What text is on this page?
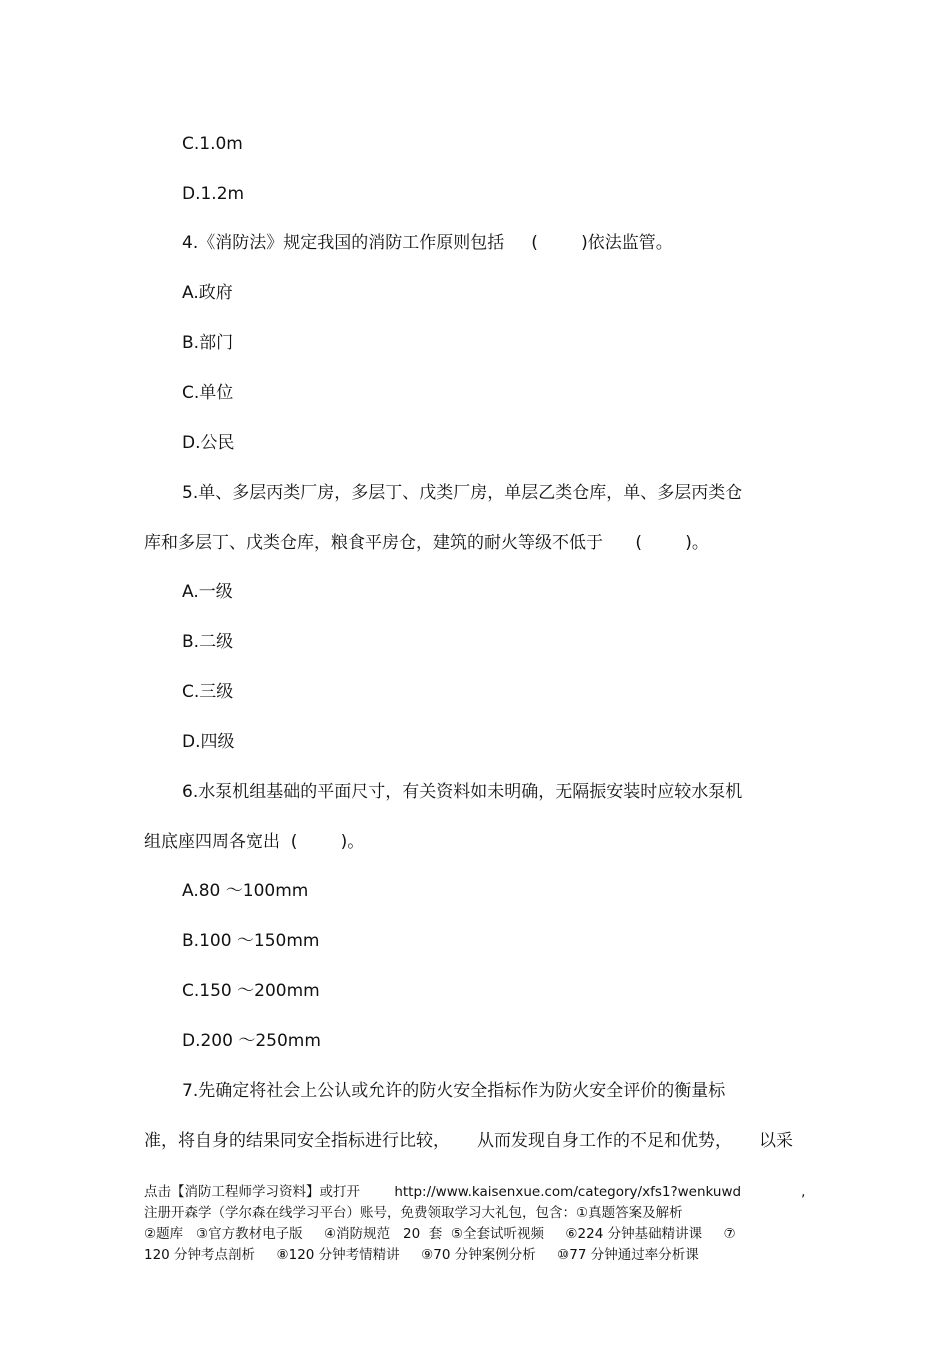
C.1.0m
D.1.2m
4.《消防法》规定我国的消防工作原则包括     (        )依法监管。
A.政府
B.部门
C.单位
D.公民
5.单、多层丙类厂房，多层丁、戊类厂房，单层乙类仓库，单、多层丙类仓
库和多层丁、戊类仓库，粮食平房仓，建筑的耐火等级不低于      (        )。
A.一级
B.二级
C.三级
D.四级
6.水泵机组基础的平面尺寸，有关资料如未明确，无隔振安装时应较水泵机
组底座四周各宽出  (        )。
A.80 ～100mm
B.100 ～150mm
C.150 ～200mm
D.200 ～250mm
7.先确定将社会上公认或允许的防火安全指标作为防火安全评价的衡量标
准，将自身的结果同安全指标进行比较，     从而发现自身工作的不足和优势，     以采
点击【消防工程师学习资料】或打开        http://www.kaisenxue.com/category/xfs1?wenkuwd              ,
注册开森学（学尔森在线学习平台）账号，免费领取学习大礼包，包含：①真题答案及解析
②题库   ③官方教材电子版     ④消防规范   20  套  ⑤全套试听视频     ⑥224 分钟基础精讲课     ⑦
120 分钟考点剖析     ⑧120 分钟考情精讲     ⑨70 分钟案例分析     ⑩77 分钟通过率分析课
